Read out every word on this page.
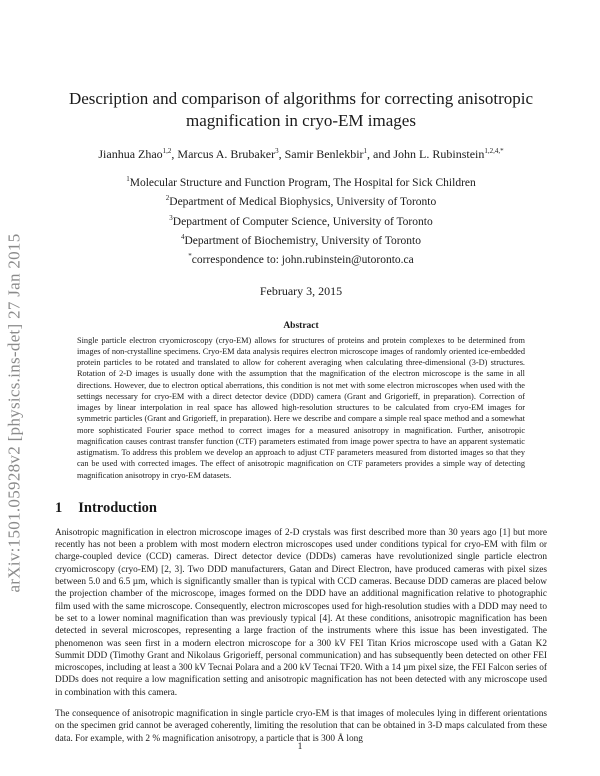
arXiv:1501.05928v2 [physics.ins-det] 27 Jan 2015
Description and comparison of algorithms for correcting anisotropic
magnification in cryo-EM images
Jianhua Zhao$^{1,2}$, Marcus A. Brubaker$^3$, Samir Benlekbir$^1$, and John L. Rubinstein$^{1,2,4,*}$
$^1$Molecular Structure and Function Program, The Hospital for Sick Children
$^2$Department of Medical Biophysics, University of Toronto
$^3$Department of Computer Science, University of Toronto
$^4$Department of Biochemistry, University of Toronto
*correspondence to: john.rubinstein@utoronto.ca
February 3, 2015
Abstract
Single particle electron cryomicroscopy (cryo-EM) allows for structures of proteins and protein complexes to be determined from images of non-crystalline specimens. Cryo-EM data analysis requires electron microscope images of randomly oriented ice-embedded protein particles to be rotated and translated to allow for coherent averaging when calculating three-dimensional (3-D) structures. Rotation of 2-D images is usually done with the assumption that the magnification of the electron microscope is the same in all directions. However, due to electron optical aberrations, this condition is not met with some electron microscopes when used with the settings necessary for cryo-EM with a direct detector device (DDD) camera (Grant and Grigorieff, in preparation). Correction of images by linear interpolation in real space has allowed high-resolution structures to be calculated from cryo-EM images for symmetric particles (Grant and Grigorieff, in preparation). Here we describe and compare a simple real space method and a somewhat more sophisticated Fourier space method to correct images for a measured anisotropy in magnification. Further, anisotropic magnification causes contrast transfer function (CTF) parameters estimated from image power spectra to have an apparent systematic astigmatism. To address this problem we develop an approach to adjust CTF parameters measured from distorted images so that they can be used with corrected images. The effect of anisotropic magnification on CTF parameters provides a simple way of detecting magnification anisotropy in cryo-EM datasets.
1 Introduction

Anisotropic magnification in electron microscope images of 2-D crystals was first described more than 30 years ago [1] but more recently has not been a problem with most modern electron microscopes used under conditions typical for cryo-EM with film or charge-coupled device (CCD) cameras. Direct detector device (DDDs) cameras have revolutionized single particle electron cryomicroscopy (cryo-EM) [2, 3]. Two DDD manufacturers, Gatan and Direct Electron, have produced cameras with pixel sizes between 5.0 and 6.5 µm, which is significantly smaller than is typical with CCD cameras. Because DDD cameras are placed below the projection chamber of the microscope, images formed on the DDD have an additional magnification relative to photographic film used with the same microscope. Consequently, electron microscopes used for high-resolution studies with a DDD may need to be set to a lower nominal magnification than was previously typical [4]. At these conditions, anisotropic magnification has been detected in several microscopes, representing a large fraction of the instruments where this issue has been investigated. The phenomenon was seen first in a modern electron microscope for a 300 kV FEI Titan Krios microscope used with a Gatan K2 Summit DDD (Timothy Grant and Nikolaus Grigorieff, personal communication) and has subsequently been detected on other FEI microscopes, including at least a 300 kV Tecnai Polara and a 200 kV Tecnai TF20. With a 14 µm pixel size, the FEI Falcon series of DDDs does not require a low magnification setting and anisotropic magnification has not been detected with any microscope used in combination with this camera.

The consequence of anisotropic magnification in single particle cryo-EM is that images of molecules lying in different orientations on the specimen grid cannot be averaged coherently, limiting the resolution that can be obtained in 3-D maps calculated from these data. For example, with 2 % magnification anisotropy, a particle that is 300 Å long

1
